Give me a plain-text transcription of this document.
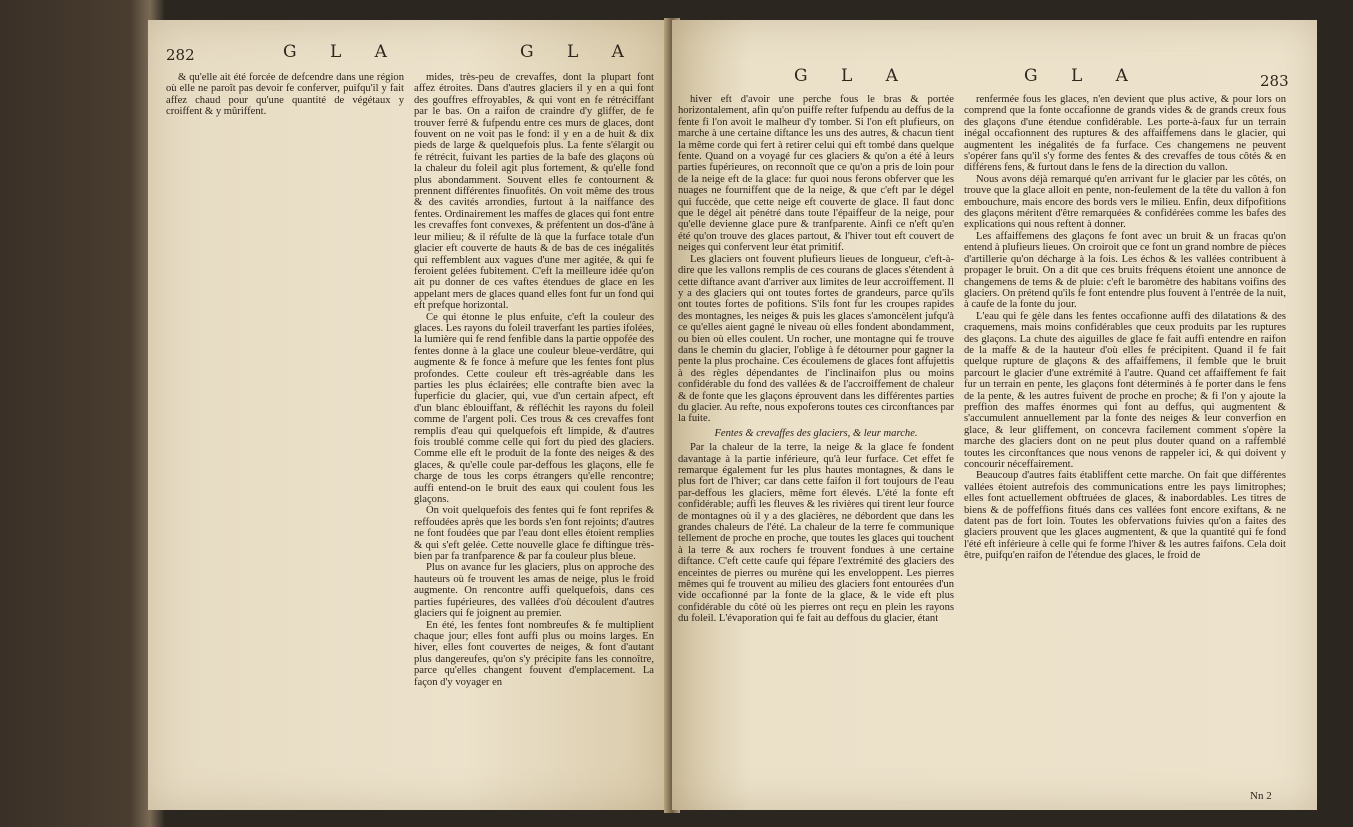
282	G L A	G L A

& qu'elle ait été forcée de defcendre dans une région où elle ne paroît pas devoir fe conferver, puifqu'il y fait affez chaud pour qu'une quantité de végétaux y croiffent & y mûriffent.

mides, très-peu de crevaffes, dont la plupart font affez étroites. Dans d'autres glaciers il y en a qui font des gouffres effroyables, & qui vont en fe rétréciffant par le bas. On a raifon de craindre d'y gliffer, de fe trouver ferré & fufpendu entre ces murs de glaces, dont fouvent on ne voit pas le fond: il y en a de huit & dix pieds de large & quelquefois plus. La fente s'élargit ou fe rétrécit, fuivant les parties de la bafe des glaçons où la chaleur du foleil agit plus fortement, & qu'elle fond plus abondamment. Souvent elles fe contournent & prennent différentes finuofités. On voit même des trous & des cavités arrondies, furtout à la naiffance des fentes. Ordinairement les maffes de glaces qui font entre les crevaffes font convexes, & préfentent un dos-d'âne à leur milieu; & il réfulte de là que la furface totale d'un glacier eft couverte de hauts & de bas de ces inégalités qui reffemblent aux vagues d'une mer agitée, & qui fe feroient gelées fubitement. C'eft la meilleure idée qu'on ait pu donner de ces vaftes étendues de glace en les appelant mers de glaces quand elles font fur un fond qui eft prefque horizontal.

Ce qui étonne le plus enfuite, c'eft la couleur des glaces. Les rayons du foleil traverfant les parties ifolées, la lumière qui fe rend fenfible dans la partie oppofée des fentes donne à la glace une couleur bleue-verdâtre, qui augmente & fe fonce à mefure que les fentes font plus profondes. Cette couleur eft très-agréable dans les parties les plus éclairées; elle contrafte bien avec la fuperficie du glacier, qui, vue d'un certain afpect, eft d'un blanc éblouiffant, & réfléchit les rayons du foleil comme de l'argent poli. Ces trous & ces crevaffes font remplis d'eau qui quelquefois eft limpide, & d'autres fois troublé comme celle qui fort du pied des glaciers. Comme elle eft le produit de la fonte des neiges & des glaces, & qu'elle coule par-deffous les glaçons, elle fe charge de tous les corps étrangers qu'elle rencontre; auffi entend-on le bruit des eaux qui coulent fous les glaçons.

On voit quelquefois des fentes qui fe font reprifes & reffoudées après que les bords s'en font rejoints; d'autres ne font foudées que par l'eau dont elles étoient remplies & qui s'eft gelée. Cette nouvelle glace fe diftingue très-bien par fa tranfparence & par fa couleur plus bleue.

Plus on avance fur les glaciers, plus on approche des hauteurs où fe trouvent les amas de neige, plus le froid augmente. On rencontre auffi quelquefois, dans ces parties fupérieures, des vallées d'où découlent d'autres glaciers qui fe joignent au premier.

En été, les fentes font nombreufes & fe multiplient chaque jour; elles font auffi plus ou moins larges. En hiver, elles font couvertes de neiges, & font d'autant plus dangereufes, qu'on s'y précipite fans les connoître, parce qu'elles changent fouvent d'emplacement. La façon d'y voyager en

G L A	G L A	283

hiver eft d'avoir une perche fous le bras & portée horizontalement, afin qu'on puiffe refter fufpendu au deffus de la fente fi l'on avoit le malheur d'y tomber. Si l'on eft plufieurs, on marche à une certaine diftance les uns des autres, & chacun tient la même corde qui fert à retirer celui qui eft tombé dans quelque fente. Quand on a voyagé fur ces glaciers & qu'on a été à leurs parties fupérieures, on reconnoît que ce qu'on a pris de loin pour de la neige eft de la glace: fur quoi nous ferons obferver que les nuages ne fourniffent que de la neige, & que c'eft par le dégel qui fuccède, que cette neige eft couverte de glace. Il faut donc que le dégel ait pénétré dans toute l'épaiffeur de la neige, pour qu'elle devienne glace pure & tranfparente. Ainfi ce n'eft qu'en été qu'on trouve des glaces partout, & l'hiver tout eft couvert de neiges qui confervent leur état primitif.

Les glaciers ont fouvent plufieurs lieues de longueur, c'eft-à-dire que les vallons remplis de ces courans de glaces s'étendent à cette diftance avant d'arriver aux limites de leur accroiffement. Il y a des glaciers qui ont toutes fortes de grandeurs, parce qu'ils ont toutes fortes de pofitions. S'ils font fur les croupes rapides des montagnes, les neiges & puis les glaces s'amoncèlent jufqu'à ce qu'elles aient gagné le niveau où elles fondent abondamment, ou bien où elles coulent. Un rocher, une montagne qui fe trouve dans le chemin du glacier, l'oblige à fe détourner pour gagner la pente la plus prochaine. Ces écoulemens de glaces font affujettis à des règles dépendantes de l'inclinaifon plus ou moins confidérable du fond des vallées & de l'accroiffement de chaleur & de fonte que les glaçons éprouvent dans les différentes parties du glacier. Au refte, nous expoferons toutes ces circonftances par la fuite.

Fentes & crevaffes des glaciers, & leur marche.

Par la chaleur de la terre, la neige & la glace fe fondent davantage à la partie inférieure, qu'à leur furface. Cet effet fe remarque également fur les plus hautes montagnes, & dans le plus fort de l'hiver; car dans cette faifon il fort toujours de l'eau par-deffous les glaciers, même fort élevés. L'été la fonte eft confidérable; auffi les fleuves & les rivières qui tirent leur fource de montagnes où il y a des glacières, ne débordent que dans les grandes chaleurs de l'été. La chaleur de la terre fe communique tellement de proche en proche, que toutes les glaces qui touchent à la terre & aux rochers fe trouvent fondues à une certaine diftance. C'eft cette caufe qui fépare l'extrémité des glaciers des enceintes de pierres ou murène qui les enveloppent. Les pierres mêmes qui fe trouvent au milieu des glaciers font entourées d'un vide occafionné par la fonte de la glace, & le vide eft plus confidérable du côté où les pierres ont reçu en plein les rayons du foleil. L'évaporation qui fe fait au deffous du glacier, étant

renfermée fous les glaces, n'en devient que plus active, & pour lors on comprend que la fonte occafionne de grands vides & de grands creux fous des glaçons d'une étendue confidérable. Les porte-à-faux fur un terrain inégal occafionnent des ruptures & des affaiffemens dans le glacier, qui augmentent les inégalités de fa furface. Ces changemens ne peuvent s'opérer fans qu'il s'y forme des fentes & des crevaffes de tous côtés & en différens fens, & furtout dans le fens de la direction du vallon.

Nous avons déjà remarqué qu'en arrivant fur le glacier par les côtés, on trouve que la glace alloit en pente, non-feulement de la tête du vallon à fon embouchure, mais encore des bords vers le milieu. Enfin, deux difpofitions des glaçons méritent d'être remarquées & confidérées comme les bafes des explications qui nous reftent à donner.

Les affaiffemens des glaçons fe font avec un bruit & un fracas qu'on entend à plufieurs lieues. On croiroit que ce font un grand nombre de pièces d'artillerie qu'on décharge à la fois. Les échos & les vallées contribuent à propager le bruit. On a dit que ces bruits fréquens étoient une annonce de changemens de tems & de pluie: c'eft le baromètre des habitans voifins des glaciers. On prétend qu'ils fe font entendre plus fouvent à l'entrée de la nuit, à caufe de la fonte du jour.

L'eau qui fe gèle dans les fentes occafionne auffi des dilatations & des craquemens, mais moins confidérables que ceux produits par les ruptures des glaçons. La chute des aiguilles de glace fe fait auffi entendre en raifon de la maffe & de la hauteur d'où elles fe précipitent. Quand il fe fait quelque rupture de glaçons & des affaiffemens, il femble que le bruit parcourt le glacier d'une extrémité à l'autre. Quand cet affaiffement fe fait fur un terrain en pente, les glaçons font déterminés à fe porter dans le fens de la pente, & les autres fuivent de proche en proche; & fi l'on y ajoute la preffion des maffes énormes qui font au deffus, qui augmentent & s'accumulent annuellement par la fonte des neiges & leur converfion en glace, & leur gliffement, on concevra facilement comment s'opère la marche des glaciers dont on ne peut plus douter quand on a raffemblé toutes les circonftances que nous venons de rappeler ici, & qui doivent y concourir néceffairement.

Beaucoup d'autres faits établiffent cette marche. On fait que différentes vallées étoient autrefois des communications entre les pays limitrophes; elles font actuellement obftruées de glaces, & inabordables. Les titres de biens & de poffeffions fitués dans ces vallées font encore exiftans, & ne datent pas de fort loin. Toutes les obfervations fuivies qu'on a faites des glaciers prouvent que les glaces augmentent, & que la quantité qui fe fond l'été eft inférieure à celle qui fe forme l'hiver & les autres faifons. Cela doit être, puifqu'en raifon de l'étendue des glaces, le froid de

Nn 2
